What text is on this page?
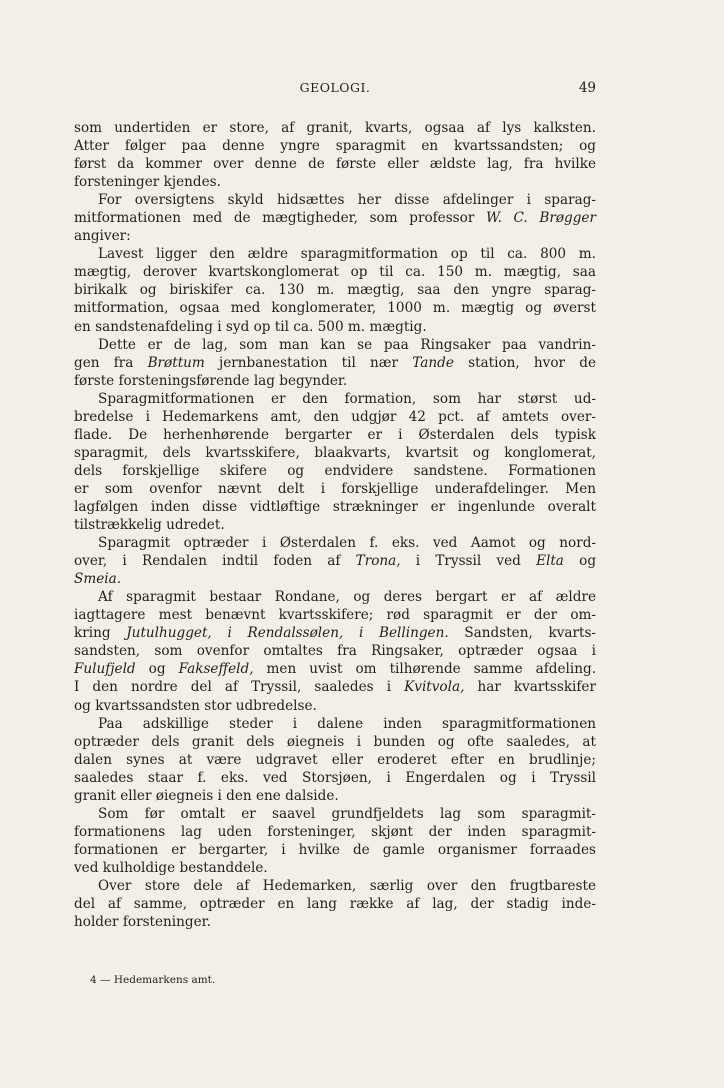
GEOLOGI.	49
som undertiden er store, af granit, kvarts, ogsaa af lys kalksten.
Atter følger paa denne yngre sparagmit en kvartssandsten; og
først da kommer over denne de første eller ældste lag, fra hvilke
forsteninger kjendes.
For oversigtens skyld hidsættes her disse afdelinger i sparag-
mitformationen med de mægtigheder, som professor W. C. Brøgger
angiver:
Lavest ligger den ældre sparagmitformation op til ca. 800 m.
mægtig, derover kvartskonglomerat op til ca. 150 m. mægtig, saa
birikalk og biriskifer ca. 130 m. mægtig, saa den yngre sparag-
mitformation, ogsaa med konglomerater, 1000 m. mægtig og øverst
en sandstenafdeling i syd op til ca. 500 m. mægtig.
Dette er de lag, som man kan se paa Ringsaker paa vandrin-
gen fra Brøttum jernbanestation til nær Tande station, hvor de
første forsteningsførende lag begynder.
Sparagmitformationen er den formation, som har størst ud-
bredelse i Hedemarkens amt, den udgjør 42 pct. af amtets over-
flade. De herhenhørende bergarter er i Østerdalen dels typisk
sparagmit, dels kvartsskifere, blaakvarts, kvartsit og konglomerat,
dels forskjellige skifere og endvidere sandstene. Formationen
er som ovenfor nævnt delt i forskjellige underafdelinger. Men
lagfølgen inden disse vidtløftige strækninger er ingenlunde overalt
tilstrækkelig udredet.
Sparagmit optræder i Østerdalen f. eks. ved Aamot og nord-
over, i Rendalen indtil foden af Trona, i Tryssil ved Elta og
Smeia.
Af sparagmit bestaar Rondane, og deres bergart er af ældre
iagttagere mest benævnt kvartsskifere; rød sparagmit er der om-
kring Jutulhugget, i Rendalssølen, i Bellingen. Sandsten, kvarts-
sandsten, som ovenfor omtaltes fra Ringsaker, optræder ogsaa i
Fulufjeld og Fakseffeld, men uvist om tilhørende samme afdeling.
I den nordre del af Tryssil, saaledes i Kvitvola, har kvartsskifer
og kvartssandsten stor udbredelse.
Paa adskillige steder i dalene inden sparagmitformationen
optræder dels granit dels øiegneis i bunden og ofte saaledes, at
dalen synes at være udgravet eller eroderet efter en brudlinje;
saaledes staar f. eks. ved Storsjøen, i Engerdalen og i Tryssil
granit eller øiegneis i den ene dalside.
Som før omtalt er saavel grundfjeldets lag som sparagmit-
formationens lag uden forsteninger, skjønt der inden sparagmit-
formationen er bergarter, i hvilke de gamle organismer forraades
ved kulholdige bestanddele.
Over store dele af Hedemarken, særlig over den frugtbareste
del af samme, optræder en lang række af lag, der stadig inde-
holder forsteninger.
4 — Hedemarkens amt.
